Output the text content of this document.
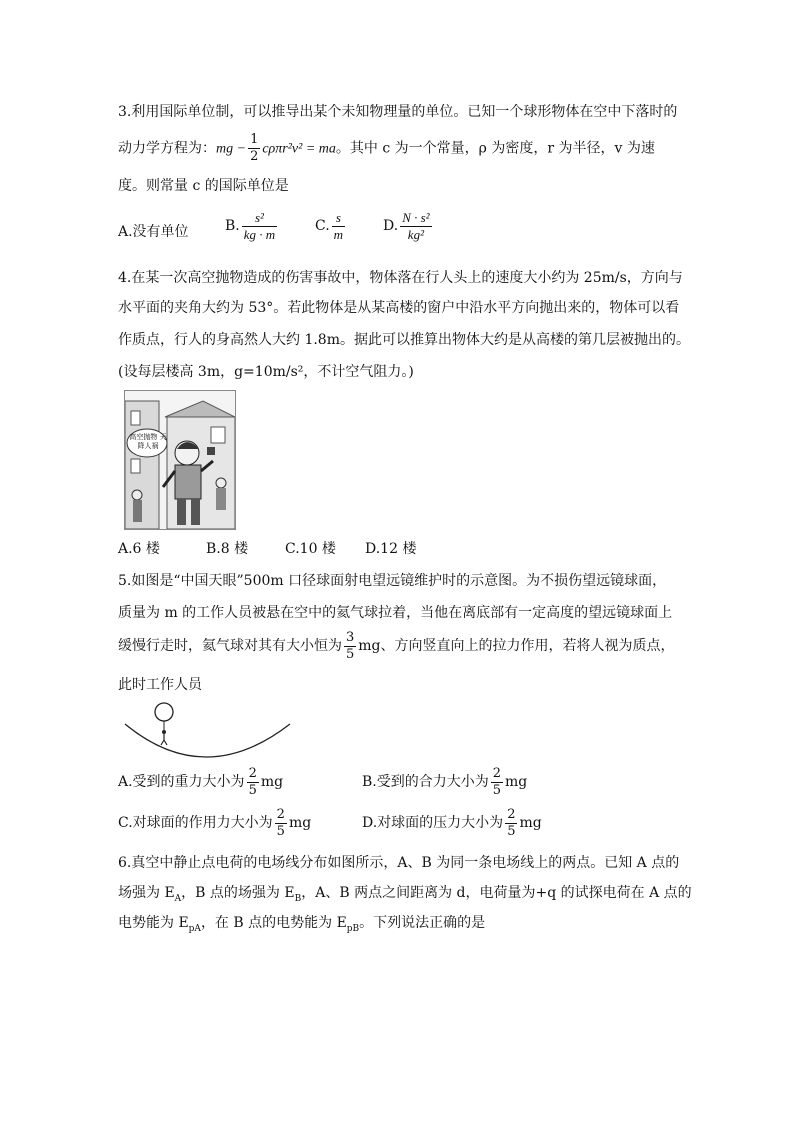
3.利用国际单位制，可以推导出某个未知物理量的单位。已知一个球形物体在空中下落时的
动力学方程为：mg − $\frac{1}{2} c\rho\pi r^2v^2$ = ma。其中 c 为一个常量，ρ 为密度，r 为半径，v 为速
度。则常量 c 的国际单位是
A.没有单位	B. $\frac{\text{s²}}{kg \cdot m}$	C. $\frac{s}{m}$	D. $\frac{\text{N · s²}}{\text{kg²}}$
4.在某一次高空抛物造成的伤害事故中，物体落在行人头上的速度大小约为 25m/s，方向与
水平面的夹角大约为 53°。若此物体是从某高楼的窗户中沿水平方向抛出来的，物体可以看
作质点，行人的身高然人大约 1.8m。据此可以推算出物体大约是从高楼的第几层被抛出的。
(设每层楼高 3m，g=10m/s²，不计空气阻力。)
高空抛物 天降人祸
A.6 楼	B.8 楼	C.10 楼 D.12 楼
5.如图是“中国天眼”500m 口径球面射电望远镜维护时的示意图。为不损伤望远镜球面，
质量为 m 的工作人员被悬在空中的氦气球拉着，当他在离底部有一定高度的望远镜球面上
缓慢行走时，氦气球对其有大小恒为 $\frac{3}{5}$ mg、方向竖直向上的拉力作用，若将人视为质点，
此时工作人员
A.受到的重力大小为 $\frac{2}{5}$ mg	B.受到的合力大小为 $\frac{2}{5}$ mg
C.对球面的作用力大小为 $\frac{2}{5}$ mg	D.对球面的压力大小为 $\frac{2}{5}$ mg
6.真空中静止点电荷的电场线分布如图所示，A、B 为同一条电场线上的两点。已知 A 点的
场强为 $E_A$，B 点的场强为 $E_B$，A、B 两点之间距离为 d，电荷量为+q 的试探电荷在 A 点的
电势能为 $E_{pA}$，在 B 点的电势能为 $E_{pB}$。下列说法正确的是
